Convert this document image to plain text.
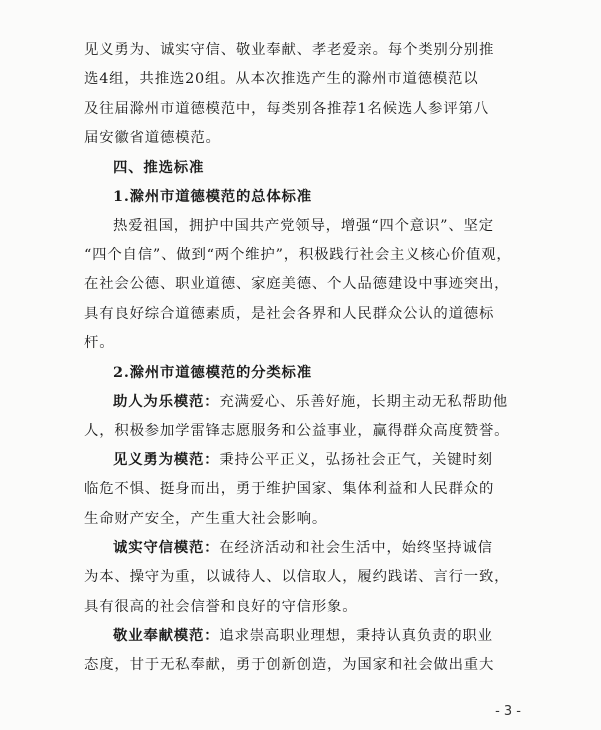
见义勇为、诚实守信、敬业奉献、孝老爱亲。每个类别分别推
选4组，共推选20组。从本次推选产生的滁州市道德模范以
及往届滁州市道德模范中，每类别各推荐1名候选人参评第八
届安徽省道德模范。
四、推选标准
1.滁州市道德模范的总体标准
热爱祖国，拥护中国共产党领导，增强“四个意识”、坚定
“四个自信”、做到“两个维护”，积极践行社会主义核心价值观，
在社会公德、职业道德、家庭美德、个人品德建设中事迹突出，
具有良好综合道德素质，是社会各界和人民群众公认的道德标
杆。
2.滁州市道德模范的分类标准
助人为乐模范：充满爱心、乐善好施，长期主动无私帮助他
人，积极参加学雷锋志愿服务和公益事业，赢得群众高度赞誉。
见义勇为模范：秉持公平正义，弘扬社会正气，关键时刻
临危不惧、挺身而出，勇于维护国家、集体利益和人民群众的
生命财产安全，产生重大社会影响。
诚实守信模范：在经济活动和社会生活中，始终坚持诚信
为本、操守为重，以诚待人、以信取人，履约践诺、言行一致，
具有很高的社会信誉和良好的守信形象。
敬业奉献模范：追求崇高职业理想，秉持认真负责的职业
态度，甘于无私奉献，勇于创新创造，为国家和社会做出重大
- 3 -
